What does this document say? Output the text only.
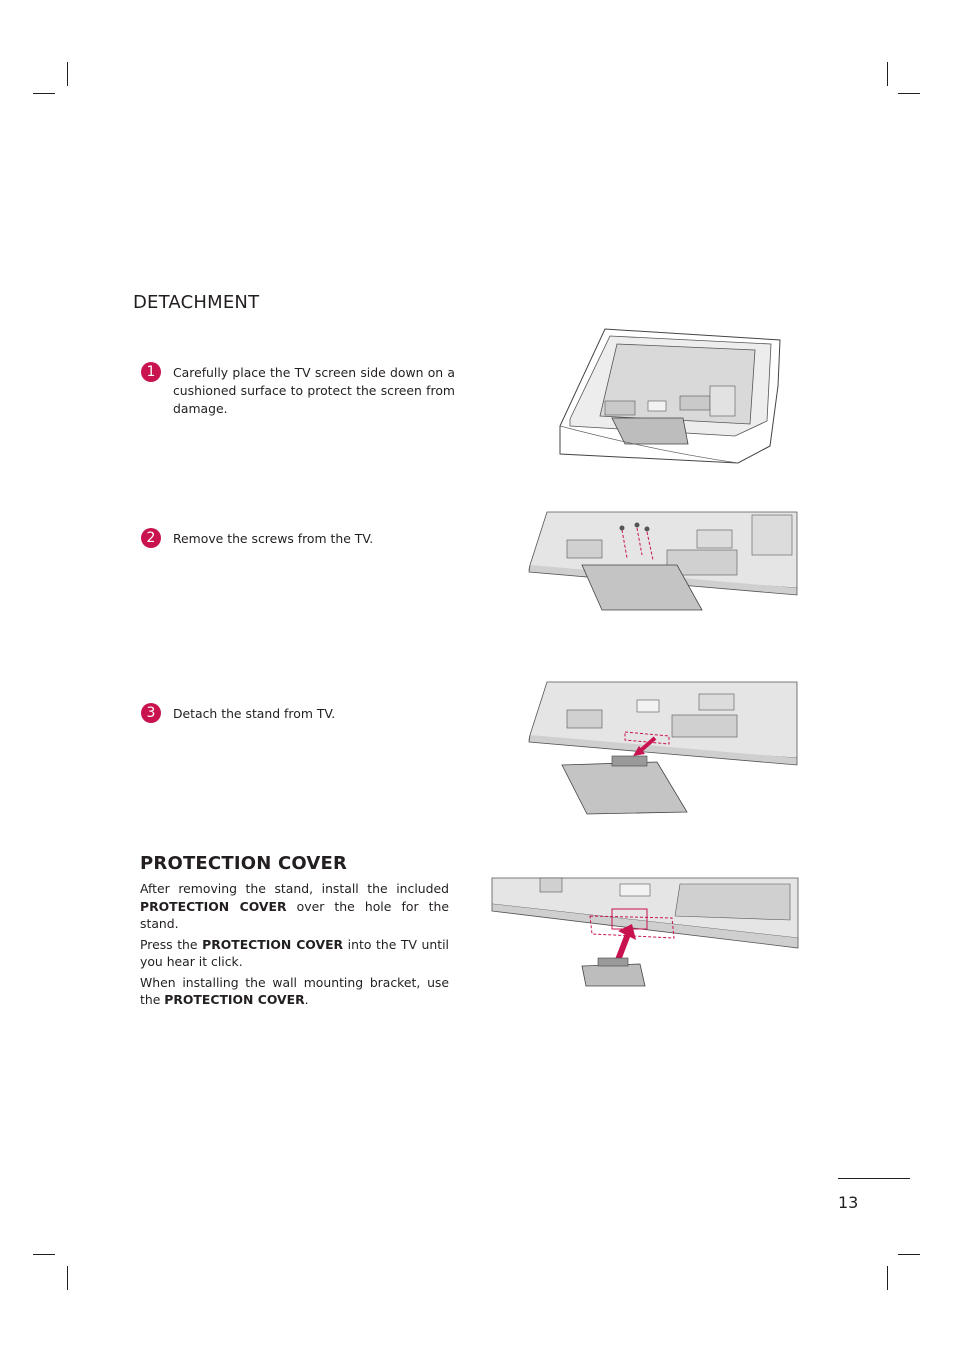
DETACHMENT
1	Carefully place the TV screen side down on a cushioned surface to protect the screen from damage.
2	Remove the screws from the TV.
3	Detach the stand from TV.
PROTECTION COVER

After removing the stand, install the included PROTECTION COVER over the hole for the stand.

Press the PROTECTION COVER into the TV until you hear it click.

When installing the wall mounting bracket, use the PROTECTION COVER.

13
